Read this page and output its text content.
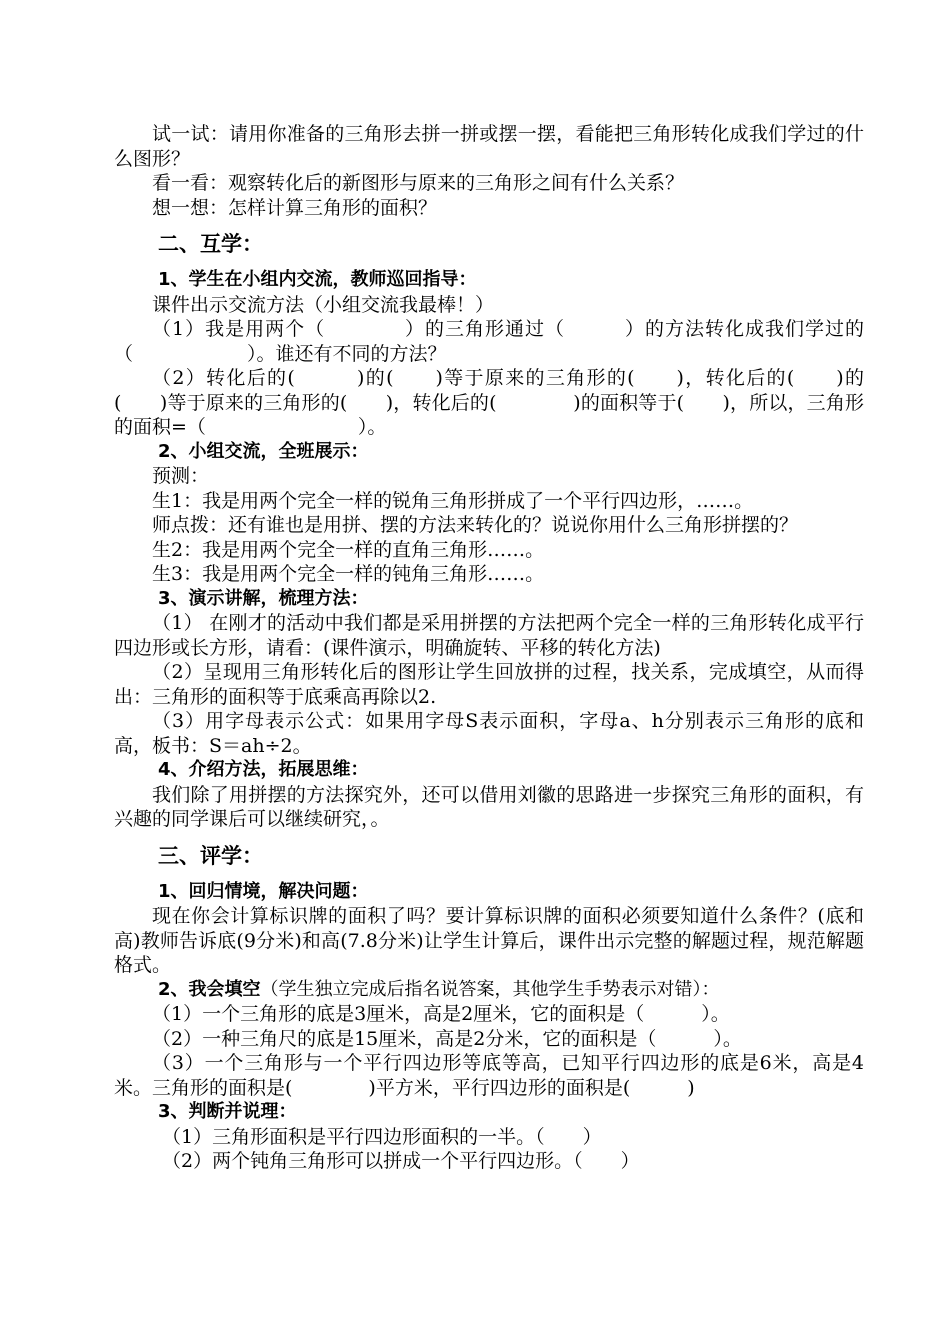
试一试：请用你准备的三角形去拼一拼或摆一摆，看能把三角形转化成我们学过的什么图形？

看一看：观察转化后的新图形与原来的三角形之间有什么关系？

想一想：怎样计算三角形的面积？

二、互学：

1、学生在小组内交流，教师巡回指导：

课件出示交流方法（小组交流我最棒！）

（1）我是用两个（　　　　）的三角形通过（　　　）的方法转化成我们学过的（　　　　　　）。谁还有不同的方法？

（2）转化后的(　　　)的(　　)等于原来的三角形的(　　)，转化后的(　　)的(　　)等于原来的三角形的(　　)，转化后的(　　　　)的面积等于(　　)，所以，三角形的面积=（　　　　　　　　）。

2、小组交流，全班展示：

预测：

生1：我是用两个完全一样的锐角三角形拼成了一个平行四边形，……。

师点拨：还有谁也是用拼、摆的方法来转化的？说说你用什么三角形拼摆的？

生2：我是用两个完全一样的直角三角形……。

生3：我是用两个完全一样的钝角三角形……。

3、演示讲解，梳理方法：

（1） 在刚才的活动中我们都是采用拼摆的方法把两个完全一样的三角形转化成平行四边形或长方形，请看：(课件演示，明确旋转、平移的转化方法)

（2）呈现用三角形转化后的图形让学生回放拼的过程，找关系，完成填空，从而得出：三角形的面积等于底乘高再除以2.

（3）用字母表示公式：如果用字母S表示面积，字母a、h分别表示三角形的底和高，板书：S＝ah÷2。

4、介绍方法，拓展思维：

我们除了用拼摆的方法探究外，还可以借用刘徽的思路进一步探究三角形的面积，有兴趣的同学课后可以继续研究，。

三、评学：

1、回归情境，解决问题：

现在你会计算标识牌的面积了吗？要计算标识牌的面积必须要知道什么条件？(底和高)教师告诉底(9分米)和高(7.8分米)让学生计算后，课件出示完整的解题过程，规范解题格式。

2、我会填空（学生独立完成后指名说答案，其他学生手势表示对错）：

（1）一个三角形的底是3厘米，高是2厘米，它的面积是（　　　）。

（2）一种三角尺的底是15厘米，高是2分米，它的面积是（　　　）。

（3）一个三角形与一个平行四边形等底等高，已知平行四边形的底是6米，高是4米。三角形的面积是(　　　　)平方米，平行四边形的面积是(　　　)

3、判断并说理：

（1）三角形面积是平行四边形面积的一半。（　　）

（2）两个钝角三角形可以拼成一个平行四边形。（　　）
